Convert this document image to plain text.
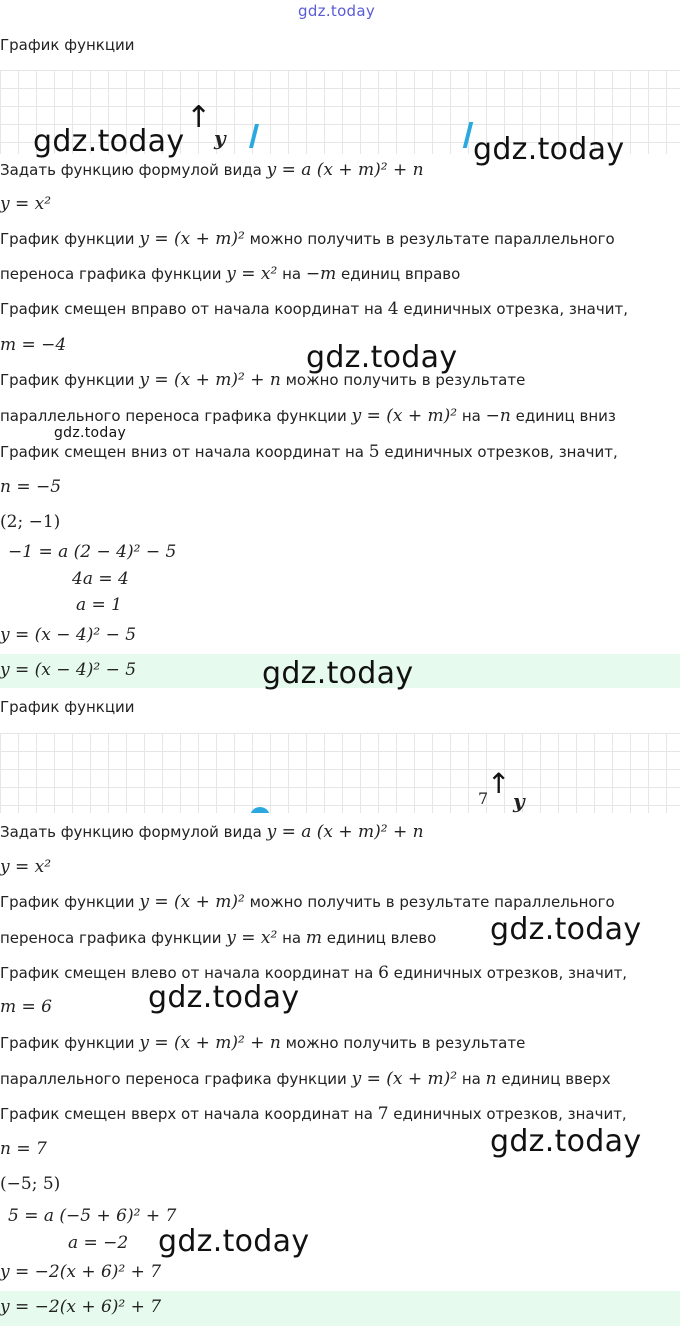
gdz.today
График функции
↑
y
gdz.today	gdz.today
Задать функцию формулой вида y = a (x + m)² + n
y = x²
График функции y = (x + m)² можно получить в результате параллельного
переноса графика функции y = x² на −m единиц вправо
График смещен вправо от начала координат на 4 единичных отрезка, значит,
m = −4	gdz.today
График функции y = (x + m)² + n можно получить в результате
параллельного переноса графика функции y = (x + m)² на −n единиц вниз
gdz.today
График смещен вниз от начала координат на 5 единичных отрезков, значит,
n = −5
(2; −1)
−1 = a (2 − 4)² − 5
4a = 4
a = 1
y = (x − 4)² − 5
y = (x − 4)² − 5	gdz.today
График функции
7
↑
y
Задать функцию формулой вида y = a (x + m)² + n
y = x²
График функции y = (x + m)² можно получить в результате параллельного
переноса графика функции y = x² на m единиц влево gdz.today
График смещен влево от начала координат на 6 единичных отрезков, значит,
m = 6	gdz.today
График функции y = (x + m)² + n можно получить в результате
параллельного переноса графика функции y = (x + m)² на n единиц вверх
График смещен вверх от начала координат на 7 единичных отрезков, значит,
n = 7	gdz.today
(−5; 5)
5 = a (−5 + 6)² + 7
a = −2 gdz.today
y = −2(x + 6)² + 7
y = −2(x + 6)² + 7
